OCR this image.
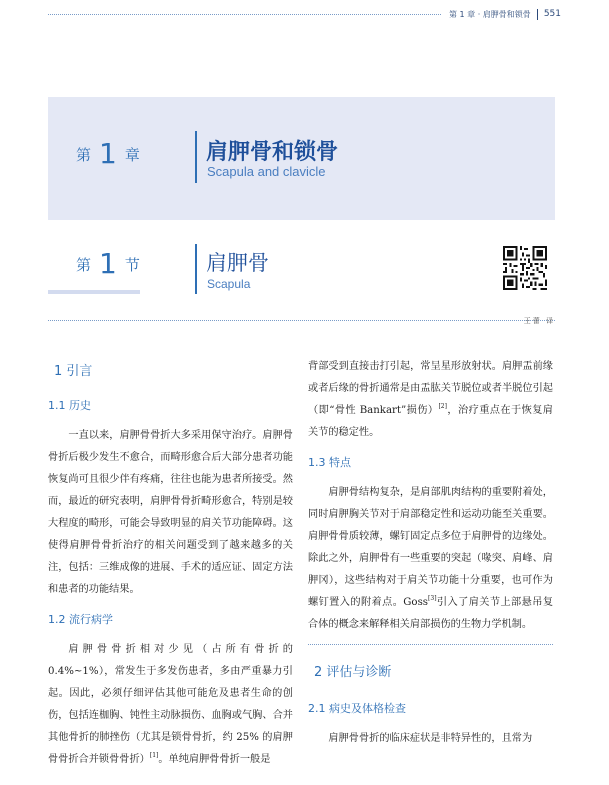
第 1 章 · 肩胛骨和锁骨 551
第 1 章	肩胛骨和锁骨
Scapula and clavicle
第 1 节	肩胛骨
Scapula
王蕾 译
1 引言
1.1 历史

一直以来，肩胛骨骨折大多采用保守治疗。肩胛骨骨折后极少发生不愈合，而畸形愈合后大部分患者功能恢复尚可且很少伴有疼痛，往往也能为患者所接受。然而，最近的研究表明，肩胛骨骨折畸形愈合，特别是较大程度的畸形，可能会导致明显的肩关节功能障碍。这使得肩胛骨骨折治疗的相关问题受到了越来越多的关注，包括：三维成像的进展、手术的适应证、固定方法和患者的功能结果。

1.2 流行病学

肩胛骨骨折相对少见（占所有骨折的 0.4%~1%），常发生于多发伤患者，多由严重暴力引起。因此，必须仔细评估其他可能危及患者生命的创伤，包括连枷胸、钝性主动脉损伤、血胸或气胸、合并其他骨折的肺挫伤（尤其是锁骨骨折，约 25% 的肩胛骨骨折合并锁骨骨折）[1]。单纯肩胛骨骨折一般是

背部受到直接击打引起，常呈星形放射状。肩胛盂前缘或者后缘的骨折通常是由盂肱关节脱位或者半脱位引起（即“骨性 Bankart”损伤）[2]，治疗重点在于恢复肩关节的稳定性。

1.3 特点

肩胛骨结构复杂，是肩部肌肉结构的重要附着处，同时肩胛胸关节对于肩部稳定性和运动功能至关重要。肩胛骨骨质较薄，螺钉固定点多位于肩胛骨的边缘处。除此之外，肩胛骨有一些重要的突起（喙突、肩峰、肩胛冈），这些结构对于肩关节功能十分重要，也可作为螺钉置入的附着点。Goss[3]引入了肩关节上部悬吊复合体的概念来解释相关肩部损伤的生物力学机制。

2 评估与诊断
2.1 病史及体格检查

肩胛骨骨折的临床症状是非特异性的，且常为
